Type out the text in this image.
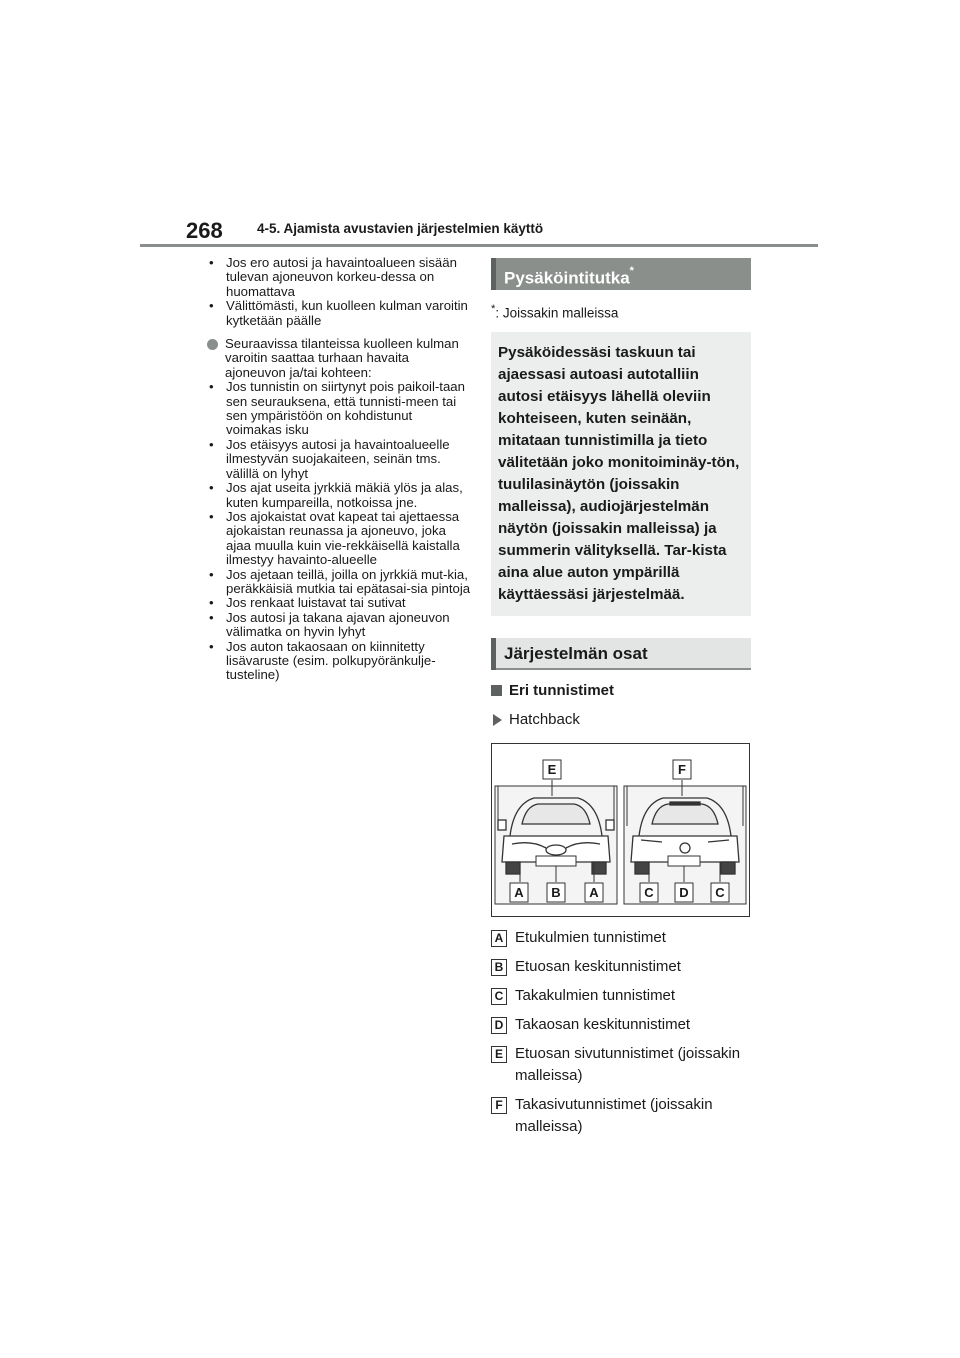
268	4-5. Ajamista avustavien järjestelmien käyttö
• Jos ero autosi ja havaintoalueen sisään tulevan ajoneuvon korkeu-dessa on huomattava
• Välittömästi, kun kuolleen kulman varoitin kytketään päälle
Seuraavissa tilanteissa kuolleen kulman varoitin saattaa turhaan havaita ajoneuvon ja/tai kohteen:
• Jos tunnistin on siirtynyt pois paikoil-taan sen seurauksena, että tunnisti-meen tai sen ympäristöön on kohdistunut voimakas isku
• Jos etäisyys autosi ja havaintoalueelle ilmestyvän suojakaiteen, seinän tms. välillä on lyhyt
• Jos ajat useita jyrkkiä mäkiä ylös ja alas, kuten kumpareilla, notkoissa jne.
• Jos ajokaistat ovat kapeat tai ajettaessa ajokaistan reunassa ja ajoneuvo, joka ajaa muulla kuin vie-rekkäisellä kaistalla ilmestyy havainto-alueelle
• Jos ajetaan teillä, joilla on jyrkkiä mut-kia, peräkkäisiä mutkia tai epätasai-sia pintoja
• Jos renkaat luistavat tai sutivat
• Jos autosi ja takana ajavan ajoneuvon välimatka on hyvin lyhyt
• Jos auton takaosaan on kiinnitetty lisävaruste (esim. polkupyöränkulje-tusteline)
Pysäköintitutka*
*: Joissakin malleissa
Pysäköidessäsi taskuun tai ajaessasi autoasi autotalliin autosi etäisyys lähellä oleviin kohteiseen, kuten seinään, mitataan tunnistimilla ja tieto välitetään joko monitoiminäy-tön, tuulilasinäytön (joissakin malleissa), audiojärjestelmän näytön (joissakin malleissa) ja summerin välityksellä. Tar-kista aina alue auton ympärillä käyttäessäsi järjestelmää.
Järjestelmän osat
Eri tunnistimet
Hatchback
E	F
A B A	C D C
A Etukulmien tunnistimet
B Etuosan keskitunnistimet
C Takakulmien tunnistimet
D Takaosan keskitunnistimet
E Etuosan sivutunnistimet (joissakin malleissa)
F Takasivutunnistimet (joissakin malleissa)
